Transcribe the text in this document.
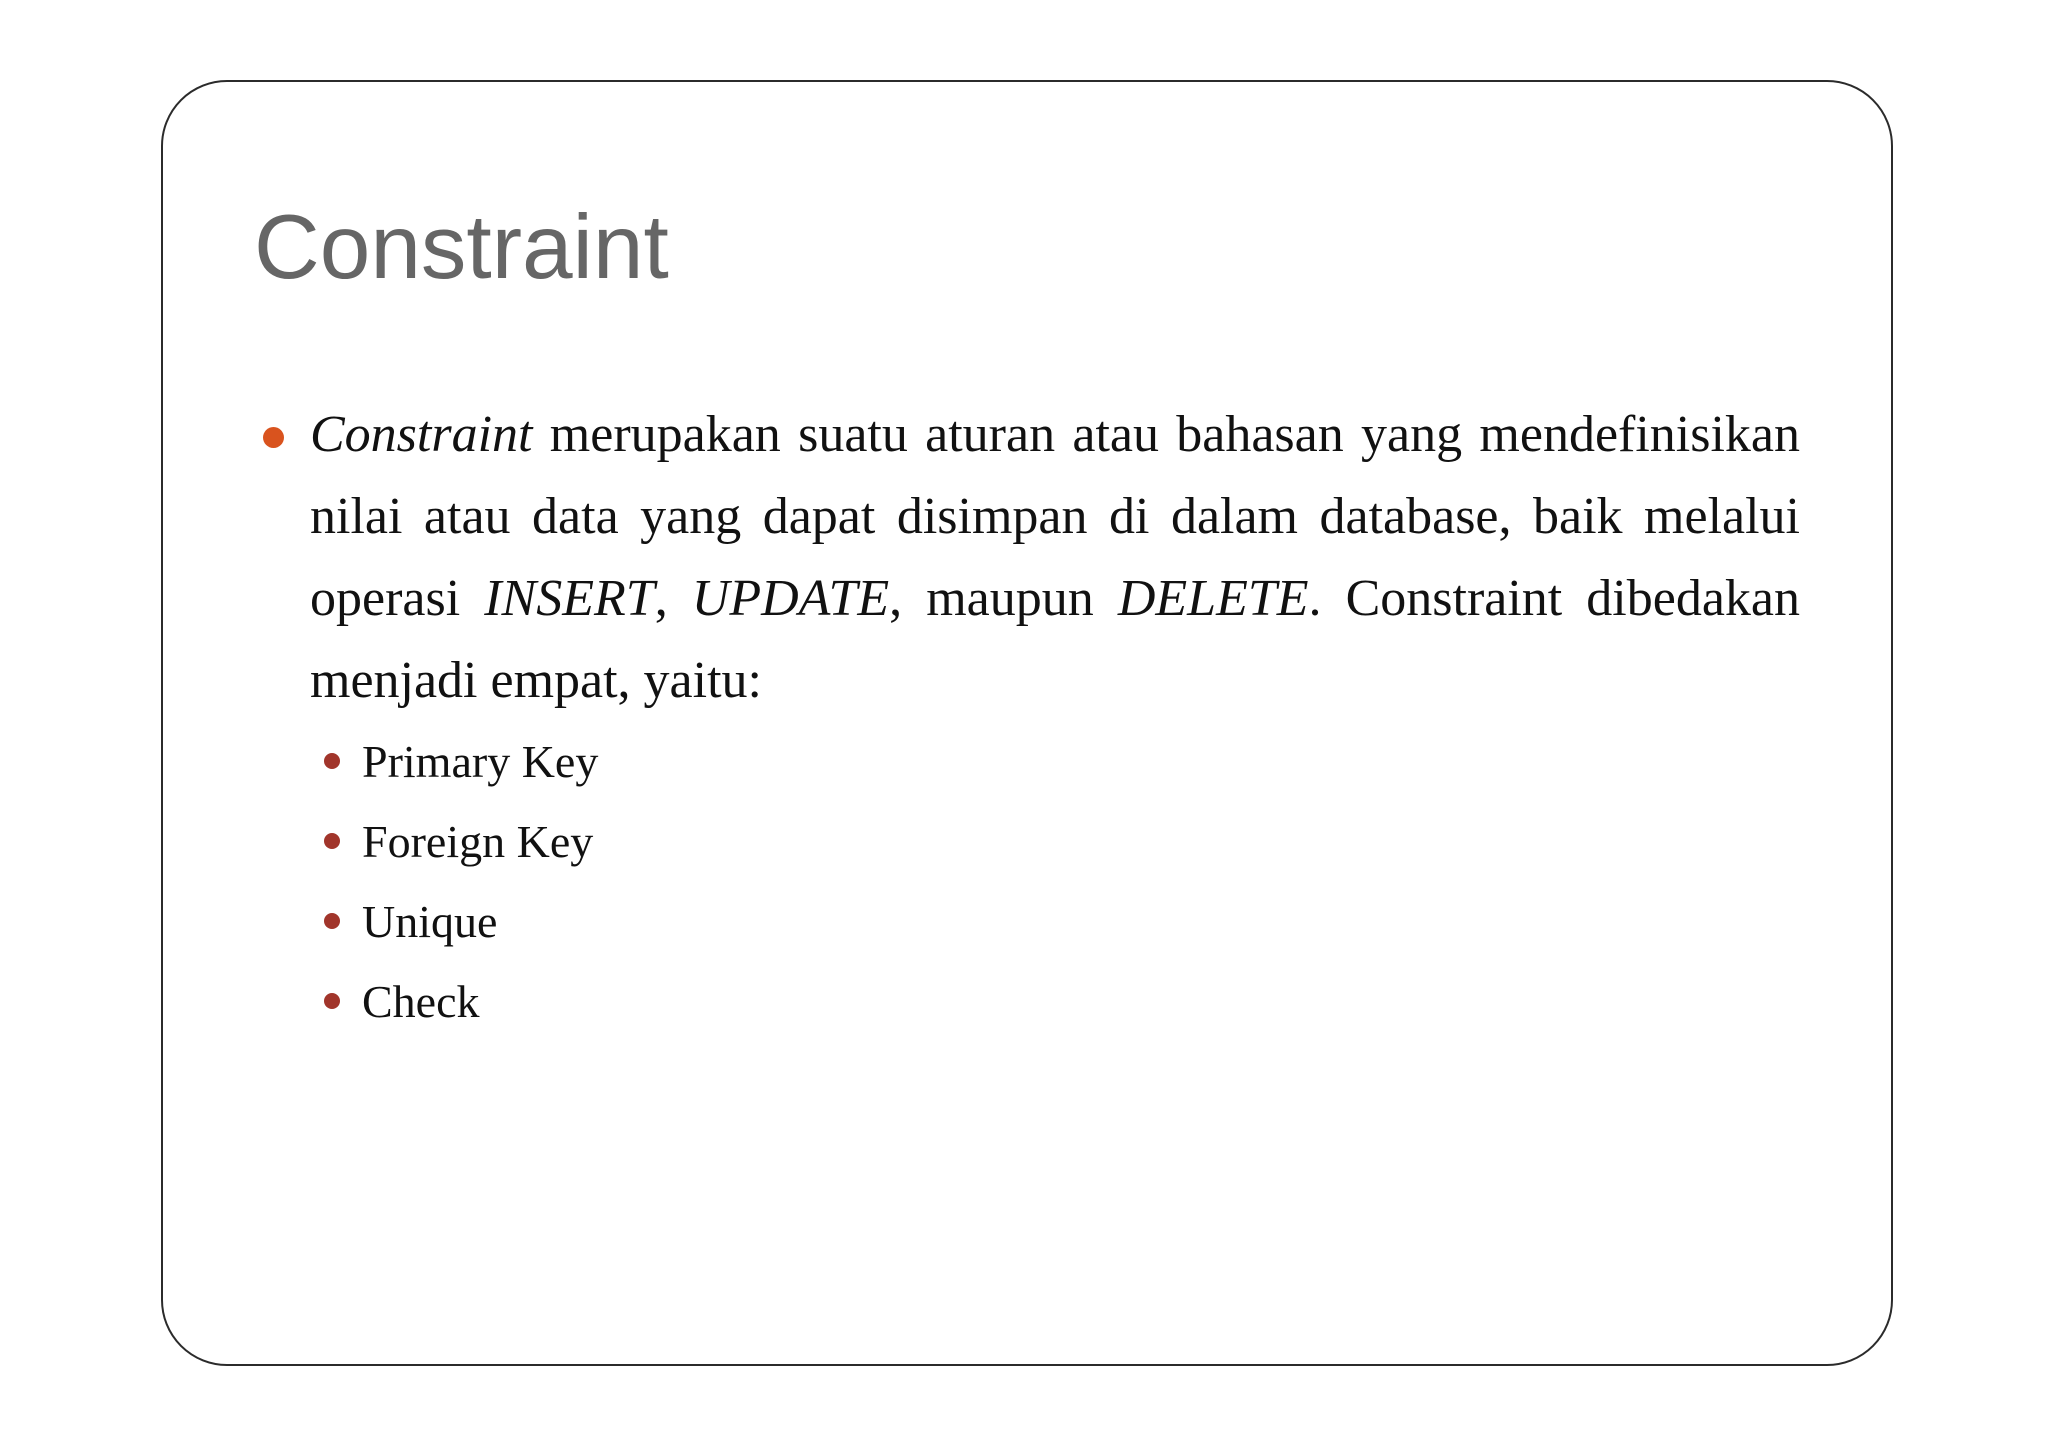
Constraint
Constraint merupakan suatu aturan atau bahasan yang mendefinisikan nilai atau data yang dapat disimpan di dalam database, baik melalui operasi INSERT, UPDATE, maupun DELETE. Constraint dibedakan menjadi empat, yaitu:
Primary Key
Foreign Key
Unique
Check
